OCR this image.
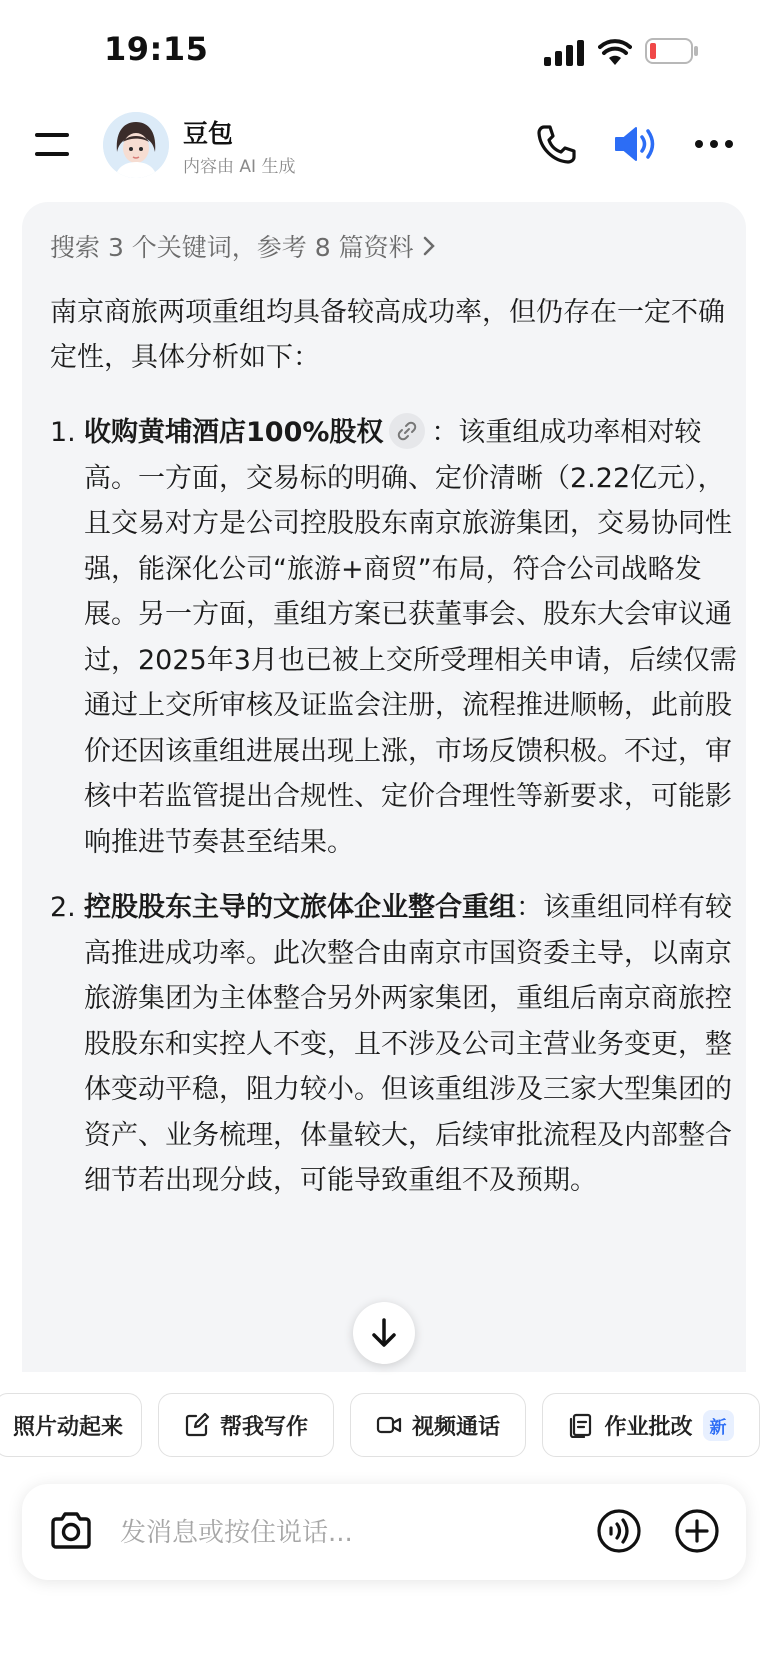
19:15
豆包
内容由 AI 生成
搜索 3 个关键词，参考 8 篇资料
南京商旅两项重组均具备较高成功率，但仍存在一定不确定性，具体分析如下：
1. 收购黄埔酒店100%股权 ：该重组成功率相对较高。一方面，交易标的明确、定价清晰（2.22亿元），且交易对方是公司控股股东南京旅游集团，交易协同性强，能深化公司“旅游+商贸”布局，符合公司战略发展。另一方面，重组方案已获董事会、股东大会审议通过，2025年3月也已被上交所受理相关申请，后续仅需通过上交所审核及证监会注册，流程推进顺畅，此前股价还因该重组进展出现上涨，市场反馈积极。不过，审核中若监管提出合规性、定价合理性等新要求，可能影响推进节奏甚至结果。
2. 控股股东主导的文旅体企业整合重组：该重组同样有较高推进成功率。此次整合由南京市国资委主导，以南京旅游集团为主体整合另外两家集团，重组后南京商旅控股股东和实控人不变，且不涉及公司主营业务变更，整体变动平稳，阻力较小。但该重组涉及三家大型集团的资产、业务梳理，体量较大，后续审批流程及内部整合细节若出现分歧，可能导致重组不及预期。
照片动起来	帮我写作	视频通话	作业批改	新
发消息或按住说话...
